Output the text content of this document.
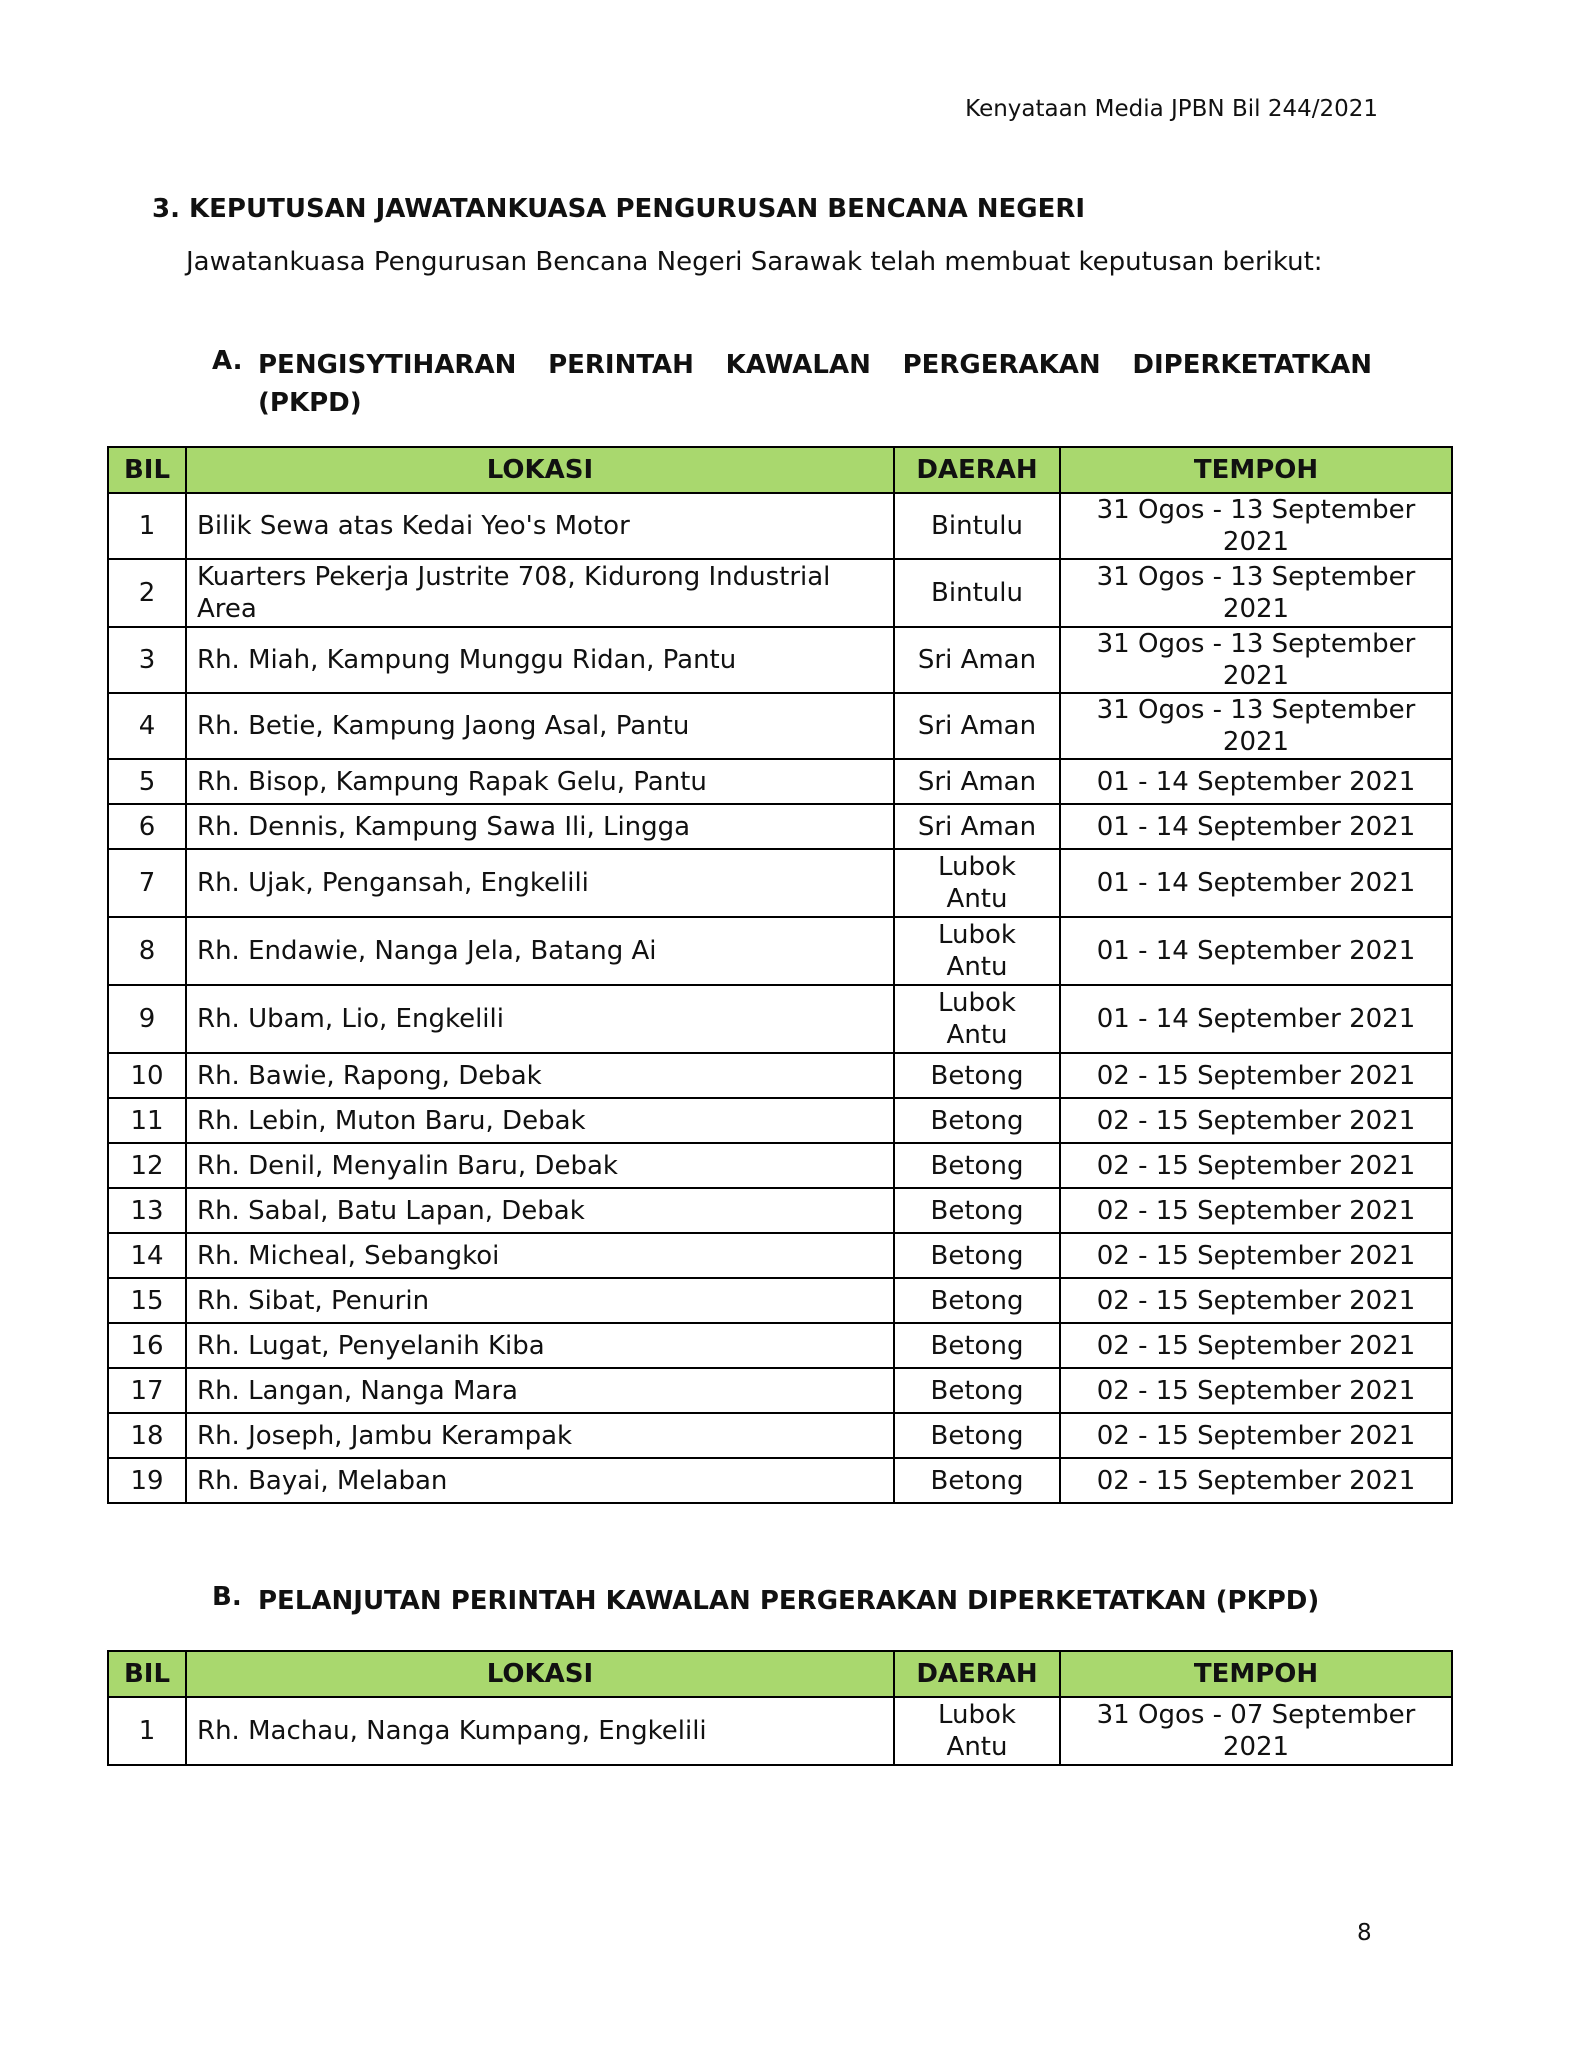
Kenyataan Media JPBN Bil 244/2021
3. KEPUTUSAN JAWATANKUASA PENGURUSAN BENCANA NEGERI
Jawatankuasa Pengurusan Bencana Negeri Sarawak telah membuat keputusan berikut:
A. PENGISYTIHARAN PERINTAH KAWALAN PERGERAKAN DIPERKETATKAN
(PKPD)
BIL	LOKASI	DAERAH	TEMPOH
1	Bilik Sewa atas Kedai Yeo's Motor	Bintulu	31 Ogos - 13 September 2021
2	Kuarters Pekerja Justrite 708, Kidurong Industrial Area	Bintulu	31 Ogos - 13 September 2021
3	Rh. Miah, Kampung Munggu Ridan, Pantu	Sri Aman	31 Ogos - 13 September 2021
4	Rh. Betie, Kampung Jaong Asal, Pantu	Sri Aman	31 Ogos - 13 September 2021
5	Rh. Bisop, Kampung Rapak Gelu, Pantu	Sri Aman	01 - 14 September 2021
6	Rh. Dennis, Kampung Sawa Ili, Lingga	Sri Aman	01 - 14 September 2021
7	Rh. Ujak, Pengansah, Engkelili	Lubok Antu	01 - 14 September 2021
8	Rh. Endawie, Nanga Jela, Batang Ai	Lubok Antu	01 - 14 September 2021
9	Rh. Ubam, Lio, Engkelili	Lubok Antu	01 - 14 September 2021
10	Rh. Bawie, Rapong, Debak	Betong	02 - 15 September 2021
11	Rh. Lebin, Muton Baru, Debak	Betong	02 - 15 September 2021
12	Rh. Denil, Menyalin Baru, Debak	Betong	02 - 15 September 2021
13	Rh. Sabal, Batu Lapan, Debak	Betong	02 - 15 September 2021
14	Rh. Micheal, Sebangkoi	Betong	02 - 15 September 2021
15	Rh. Sibat, Penurin	Betong	02 - 15 September 2021
16	Rh. Lugat, Penyelanih Kiba	Betong	02 - 15 September 2021
17	Rh. Langan, Nanga Mara	Betong	02 - 15 September 2021
18	Rh. Joseph, Jambu Kerampak	Betong	02 - 15 September 2021
19	Rh. Bayai, Melaban	Betong	02 - 15 September 2021
B. PELANJUTAN PERINTAH KAWALAN PERGERAKAN DIPERKETATKAN (PKPD)
BIL	LOKASI	DAERAH	TEMPOH
1	Rh. Machau, Nanga Kumpang, Engkelili	Lubok Antu	31 Ogos - 07 September 2021
8
